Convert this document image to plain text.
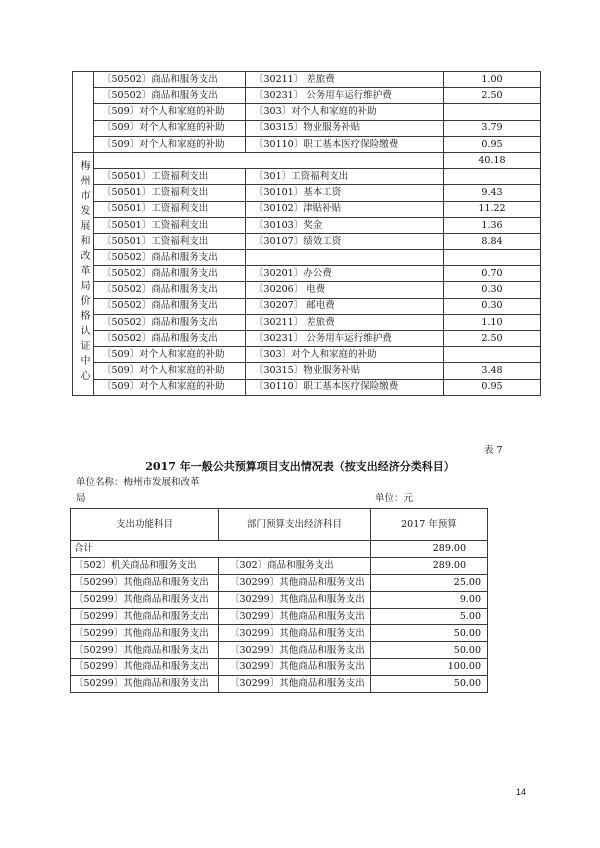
	〔50502〕商品和服务支出	〔30211〕 差旅费	1.00
	〔50502〕商品和服务支出	〔30231〕 公务用车运行维护费	2.50
	〔509〕对个人和家庭的补助	〔303〕对个人和家庭的补助	
	〔509〕对个人和家庭的补助	〔30315〕物业服务补贴	3.79
	〔509〕对个人和家庭的补助	〔30110〕职工基本医疗保险缴费	0.95
梅州市发展和改革局价格认证中心			40.18
	〔50501〕工资福利支出	〔301〕工资福利支出	
	〔50501〕工资福利支出	〔30101〕基本工资	9.43
	〔50501〕工资福利支出	〔30102〕津贴补贴	11.22
	〔50501〕工资福利支出	〔30103〕奖金	1.36
	〔50501〕工资福利支出	〔30107〕绩效工资	8.84
	〔50502〕商品和服务支出		
	〔50502〕商品和服务支出	〔30201〕办公费	0.70
	〔50502〕商品和服务支出	〔30206〕 电费	0.30
	〔50502〕商品和服务支出	〔30207〕 邮电费	0.30
	〔50502〕商品和服务支出	〔30211〕 差旅费	1.10
	〔50502〕商品和服务支出	〔30231〕 公务用车运行维护费	2.50
	〔509〕对个人和家庭的补助	〔303〕对个人和家庭的补助	
	〔509〕对个人和家庭的补助	〔30315〕物业服务补贴	3.48
	〔509〕对个人和家庭的补助	〔30110〕职工基本医疗保险缴费	0.95
表 7
2017 年一般公共预算项目支出情况表（按支出经济分类科目）
单位名称：梅州市发展和改革
局	单位：元
支出功能科目	部门预算支出经济科目	2017 年预算
合计		289.00
〔502〕机关商品和服务支出	〔302〕商品和服务支出	289.00
〔50299〕其他商品和服务支出	〔30299〕其他商品和服务支出	25.00
〔50299〕其他商品和服务支出	〔30299〕其他商品和服务支出	9.00
〔50299〕其他商品和服务支出	〔30299〕其他商品和服务支出	5.00
〔50299〕其他商品和服务支出	〔30299〕其他商品和服务支出	50.00
〔50299〕其他商品和服务支出	〔30299〕其他商品和服务支出	50.00
〔50299〕其他商品和服务支出	〔30299〕其他商品和服务支出	100.00
〔50299〕其他商品和服务支出	〔30299〕其他商品和服务支出	50.00
14
